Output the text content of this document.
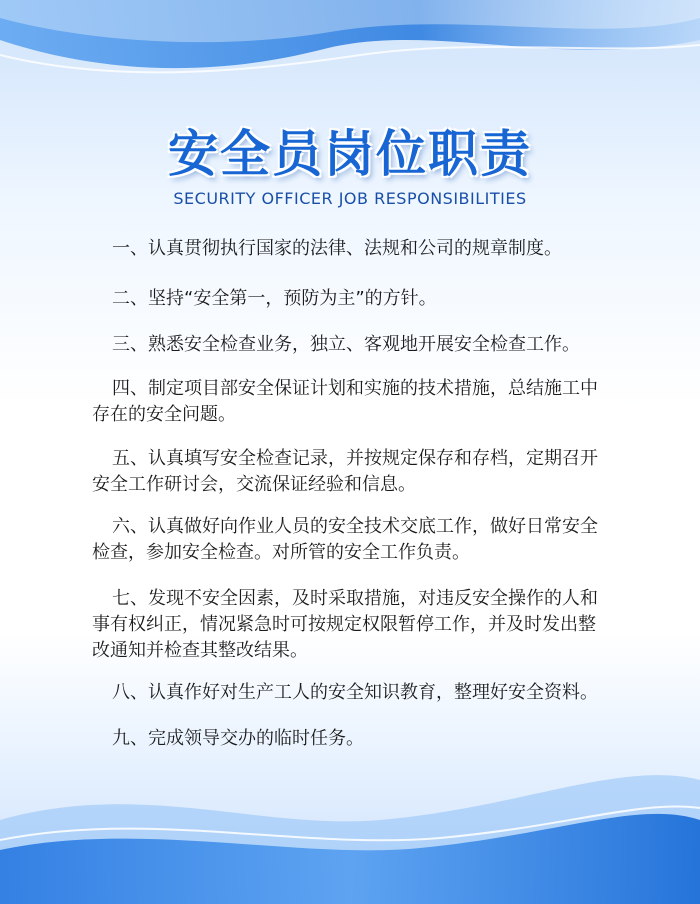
安全员岗位职责
SECURITY OFFICER JOB RESPONSIBILITIES
一、认真贯彻执行国家的法律、法规和公司的规章制度。
二、坚持“安全第一，预防为主”的方针。
三、熟悉安全检查业务，独立、客观地开展安全检查工作。
四、制定项目部安全保证计划和实施的技术措施，总结施工中存在的安全问题。
五、认真填写安全检查记录，并按规定保存和存档，定期召开安全工作研讨会，交流保证经验和信息。
六、认真做好向作业人员的安全技术交底工作，做好日常安全检查，参加安全检查。对所管的安全工作负责。
七、发现不安全因素，及时采取措施，对违反安全操作的人和事有权纠正，情况紧急时可按规定权限暂停工作，并及时发出整改通知并检查其整改结果。
八、认真作好对生产工人的安全知识教育，整理好安全资料。
九、完成领导交办的临时任务。
